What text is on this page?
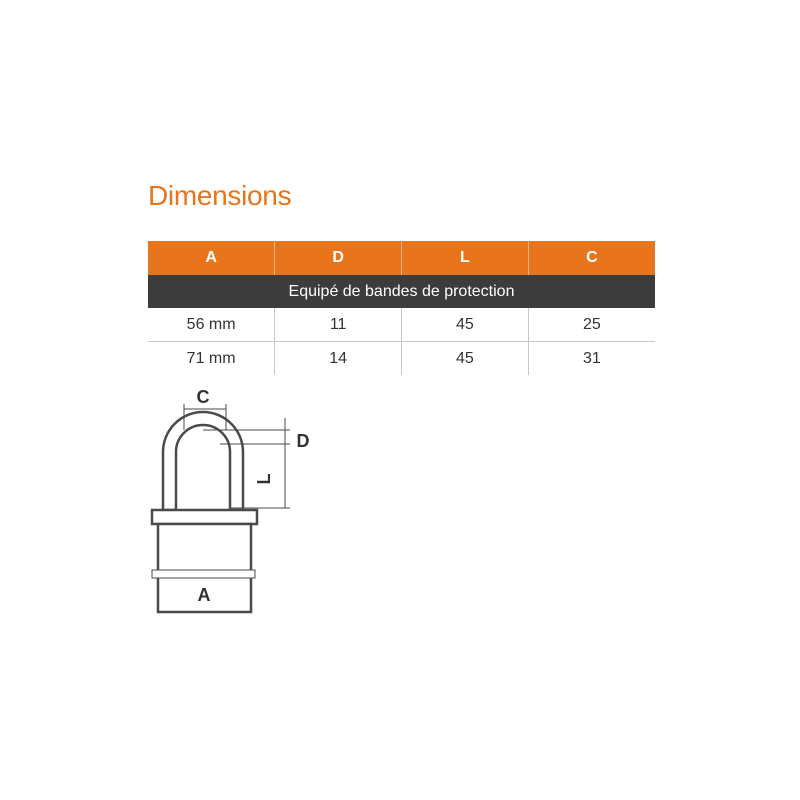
Dimensions
A	D	L	C
Equipé de bandes de protection			
56 mm	11	45	25
71 mm	14	45	31
C
D
L
A
